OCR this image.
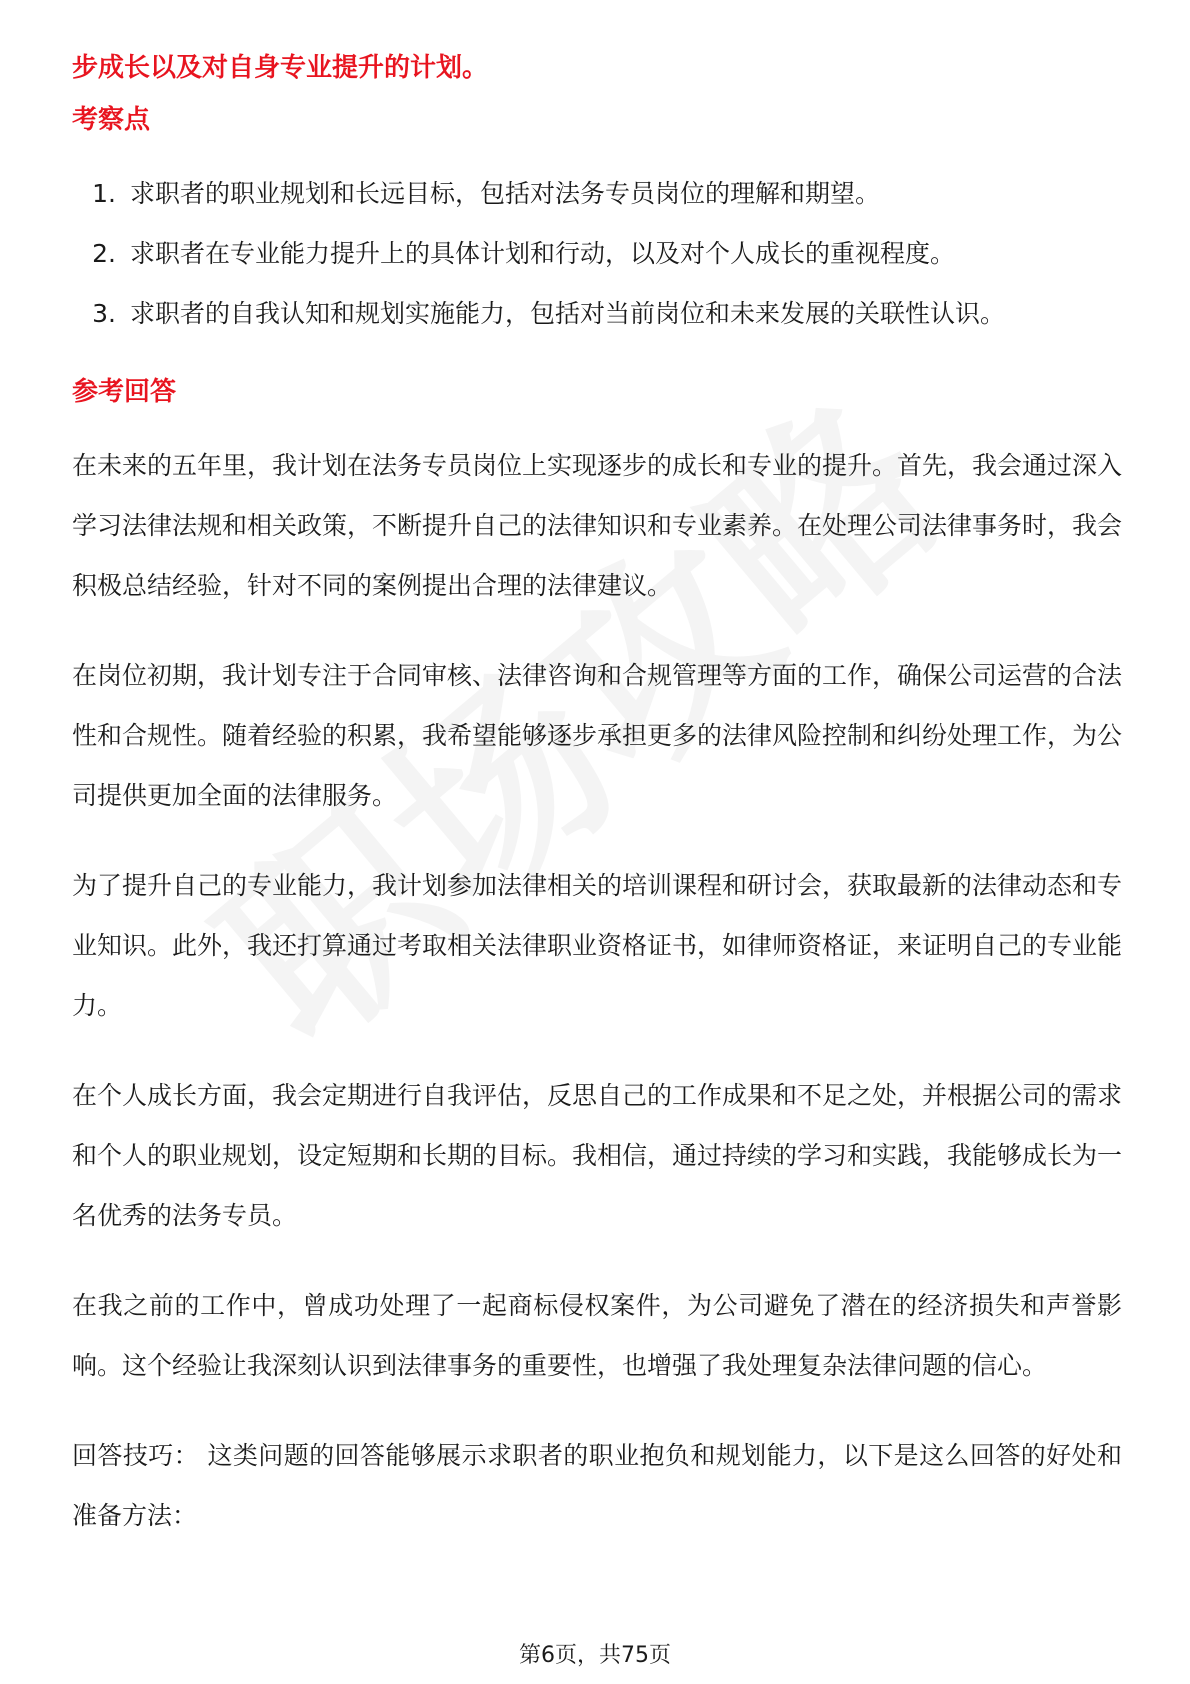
步成长以及对自身专业提升的计划。

考察点

1. 求职者的职业规划和长远目标，包括对法务专员岗位的理解和期望。
2. 求职者在专业能力提升上的具体计划和行动，以及对个人成长的重视程度。
3. 求职者的自我认知和规划实施能力，包括对当前岗位和未来发展的关联性认识。

参考回答

在未来的五年里，我计划在法务专员岗位上实现逐步的成长和专业的提升。首先，我会通过深入学习法律法规和相关政策，不断提升自己的法律知识和专业素养。在处理公司法律事务时，我会积极总结经验，针对不同的案例提出合理的法律建议。

在岗位初期，我计划专注于合同审核、法律咨询和合规管理等方面的工作，确保公司运营的合法性和合规性。随着经验的积累，我希望能够逐步承担更多的法律风险控制和纠纷处理工作，为公司提供更加全面的法律服务。

为了提升自己的专业能力，我计划参加法律相关的培训课程和研讨会，获取最新的法律动态和专业知识。此外，我还打算通过考取相关法律职业资格证书，如律师资格证，来证明自己的专业能力。

在个人成长方面，我会定期进行自我评估，反思自己的工作成果和不足之处，并根据公司的需求和个人的职业规划，设定短期和长期的目标。我相信，通过持续的学习和实践，我能够成长为一名优秀的法务专员。

在我之前的工作中，曾成功处理了一起商标侵权案件，为公司避免了潜在的经济损失和声誉影响。这个经验让我深刻认识到法律事务的重要性，也增强了我处理复杂法律问题的信心。

回答技巧： 这类问题的回答能够展示求职者的职业抱负和规划能力，以下是这么回答的好处和准备方法：

第6页，共75页
